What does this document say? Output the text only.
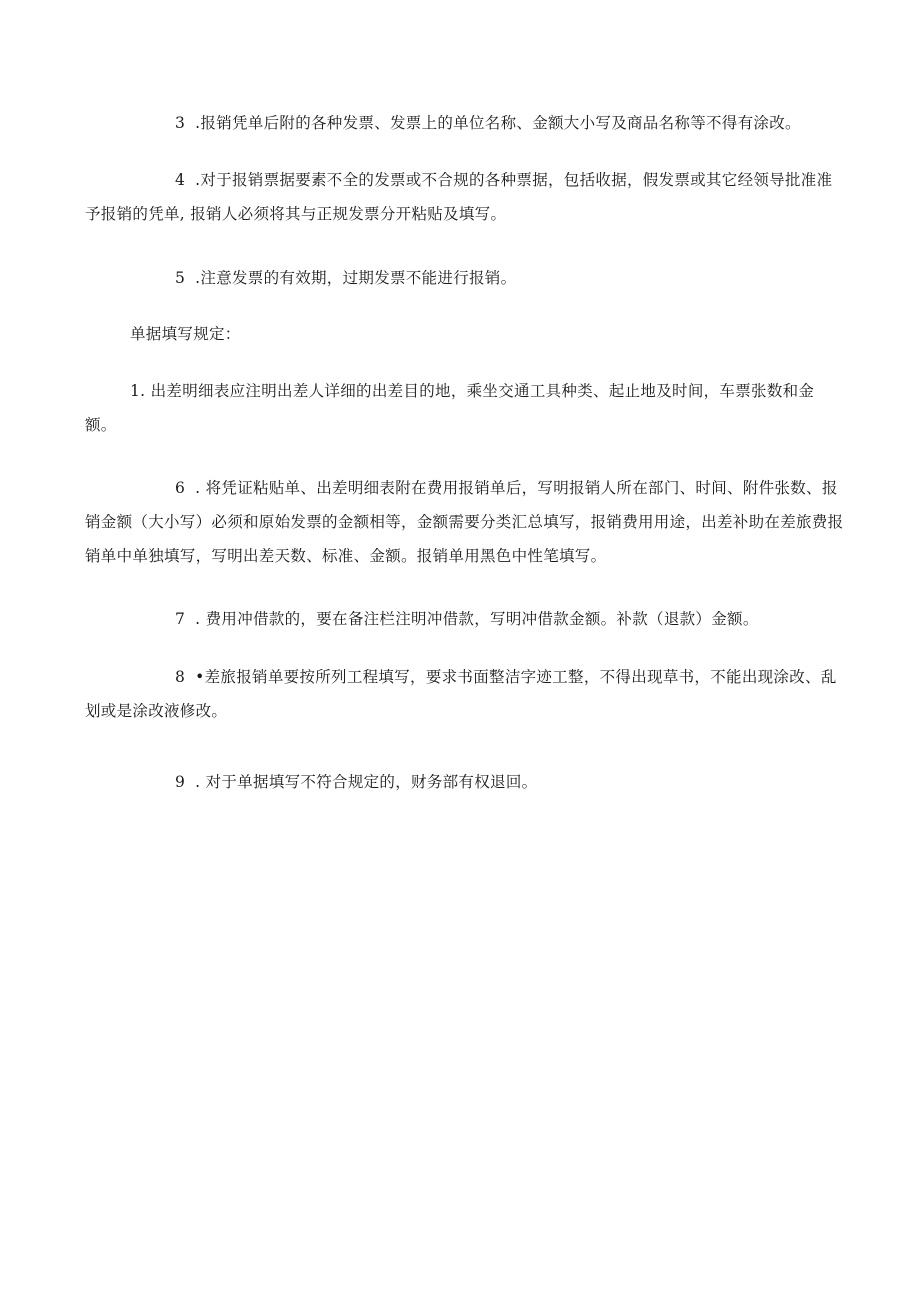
3 .报销凭单后附的各种发票、发票上的单位名称、金额大小写及商品名称等不得有涂改。
4 .对于报销票据要素不全的发票或不合规的各种票据，包括收据，假发票或其它经领导批准准予报销的凭单, 报销人必须将其与正规发票分开粘贴及填写。
5 .注意发票的有效期，过期发票不能进行报销。
单据填写规定：
1. 出差明细表应注明出差人详细的出差目的地，乘坐交通工具种类、起止地及时间，车票张数和金额。
6 . 将凭证粘贴单、出差明细表附在费用报销单后，写明报销人所在部门、时间、附件张数、报销金额（大小写）必须和原始发票的金额相等，金额需要分类汇总填写，报销费用用途，出差补助在差旅费报销单中单独填写，写明出差天数、标准、金额。报销单用黑色中性笔填写。
7 . 费用冲借款的，要在备注栏注明冲借款，写明冲借款金额。补款（退款）金额。
8 •差旅报销单要按所列工程填写，要求书面整洁字迹工整，不得出现草书，不能出现涂改、乱划或是涂改液修改。
9 . 对于单据填写不符合规定的，财务部有权退回。
